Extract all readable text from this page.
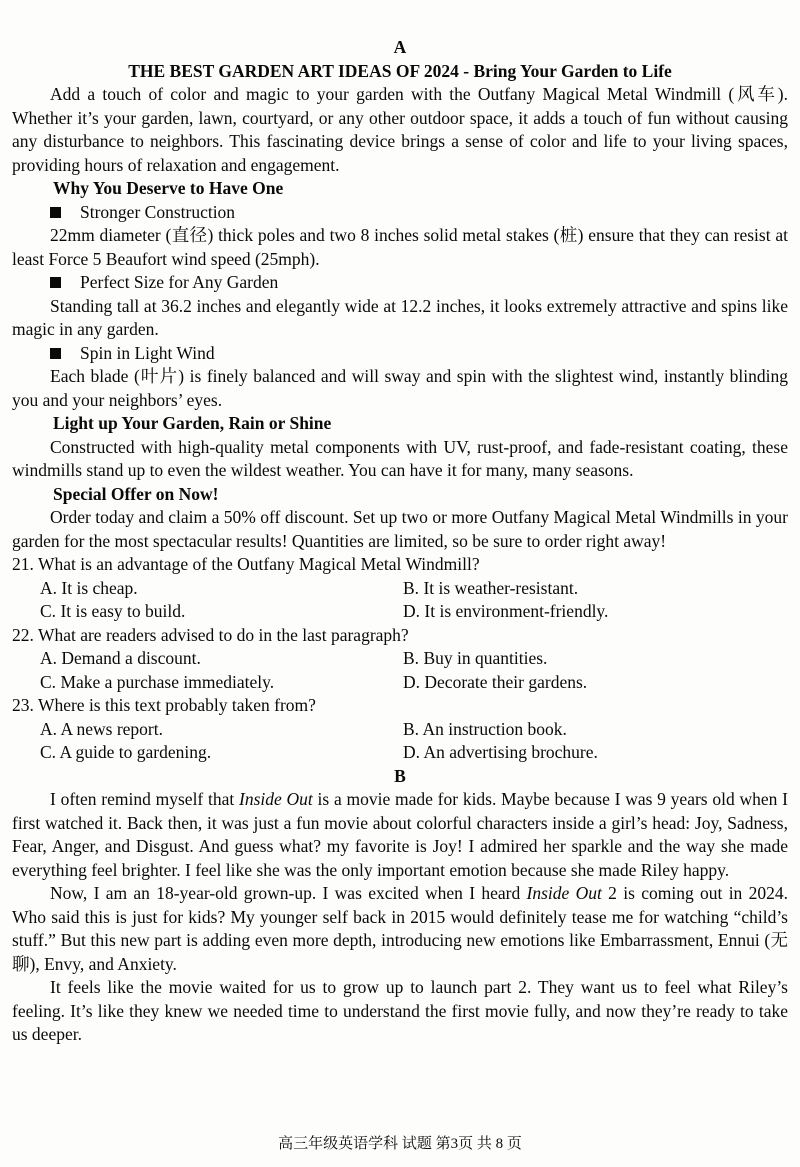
A
THE BEST GARDEN ART IDEAS OF 2024 - Bring Your Garden to Life

Add a touch of color and magic to your garden with the Outfany Magical Metal Windmill (风车). Whether it’s your garden, lawn, courtyard, or any other outdoor space, it adds a touch of fun without causing any disturbance to neighbors. This fascinating device brings a sense of color and life to your living spaces, providing hours of relaxation and engagement.

Why You Deserve to Have One
Stronger Construction

22mm diameter (直径) thick poles and two 8 inches solid metal stakes (桩) ensure that they can resist at least Force 5 Beaufort wind speed (25mph).

Perfect Size for Any Garden

Standing tall at 36.2 inches and elegantly wide at 12.2 inches, it looks extremely attractive and spins like magic in any garden.

Spin in Light Wind

Each blade (叶片) is finely balanced and will sway and spin with the slightest wind, instantly blinding you and your neighbors’ eyes.

Light up Your Garden, Rain or Shine

Constructed with high-quality metal components with UV, rust-proof, and fade-resistant coating, these windmills stand up to even the wildest weather. You can have it for many, many seasons.

Special Offer on Now!

Order today and claim a 50% off discount. Set up two or more Outfany Magical Metal Windmills in your garden for the most spectacular results! Quantities are limited, so be sure to order right away!

21. What is an advantage of the Outfany Magical Metal Windmill?

A. It is cheap.	B. It is weather-resistant.
C. It is easy to build.	D. It is environment-friendly.

22. What are readers advised to do in the last paragraph?

A. Demand a discount.	B. Buy in quantities.
C. Make a purchase immediately.	D. Decorate their gardens.

23. Where is this text probably taken from?

A. A news report.	B. An instruction book.
C. A guide to gardening.	D. An advertising brochure.
B

I often remind myself that Inside Out is a movie made for kids. Maybe because I was 9 years old when I first watched it. Back then, it was just a fun movie about colorful characters inside a girl’s head: Joy, Sadness, Fear, Anger, and Disgust. And guess what? my favorite is Joy! I admired her sparkle and the way she made everything feel brighter. I feel like she was the only important emotion because she made Riley happy.

Now, I am an 18-year-old grown-up. I was excited when I heard Inside Out 2 is coming out in 2024. Who said this is just for kids? My younger self back in 2015 would definitely tease me for watching “child’s stuff.” But this new part is adding even more depth, introducing new emotions like Embarrassment, Ennui (无聊), Envy, and Anxiety.

It feels like the movie waited for us to grow up to launch part 2. They want us to feel what Riley’s feeling. It’s like they knew we needed time to understand the first movie fully, and now they’re ready to take us deeper.

高三年级英语学科 试题 第3页 共 8 页
